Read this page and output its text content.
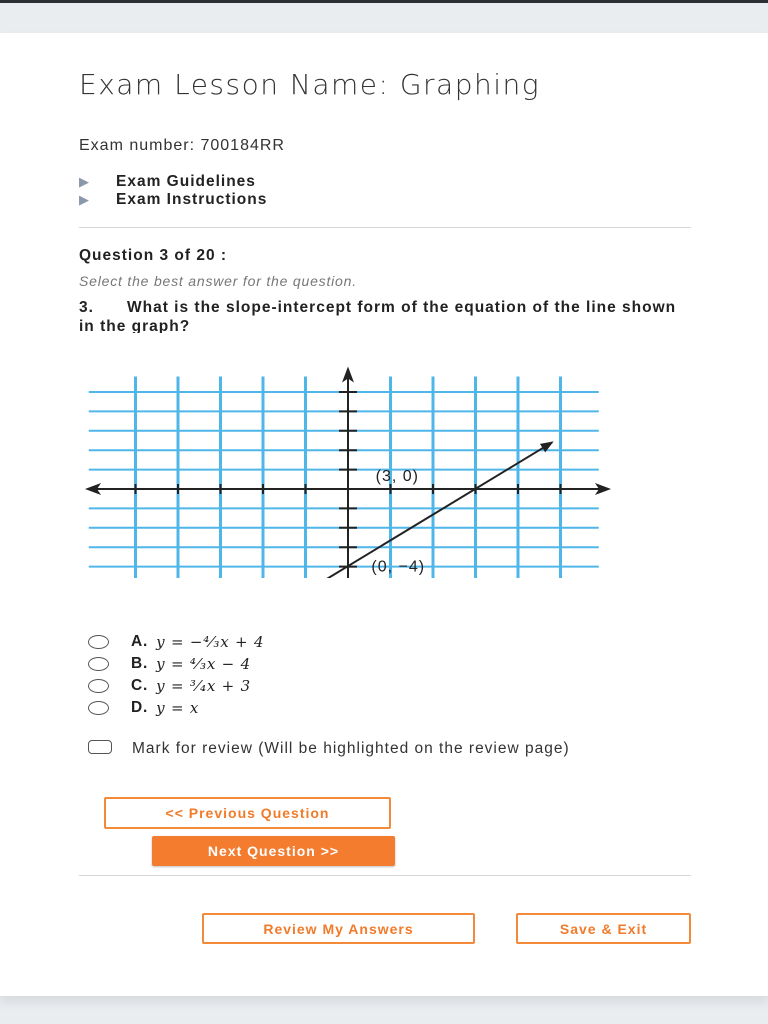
Exam Lesson Name: Graphing
Exam number: 700184RR
▶	Exam Guidelines
▶	Exam Instructions
Question 3 of 20 :
Select the best answer for the question.
3. What is the slope-intercept form of the equation of the line shown in the graph?
(3, 0)
(0, −4)
A. y = −⁴⁄₃x + 4
B. y = ⁴⁄₃x − 4
C. y = ³⁄₄x + 3
D. y = x
Mark for review (Will be highlighted on the review page)
<< Previous Question
Next Question >>
Review My Answers	Save & Exit
